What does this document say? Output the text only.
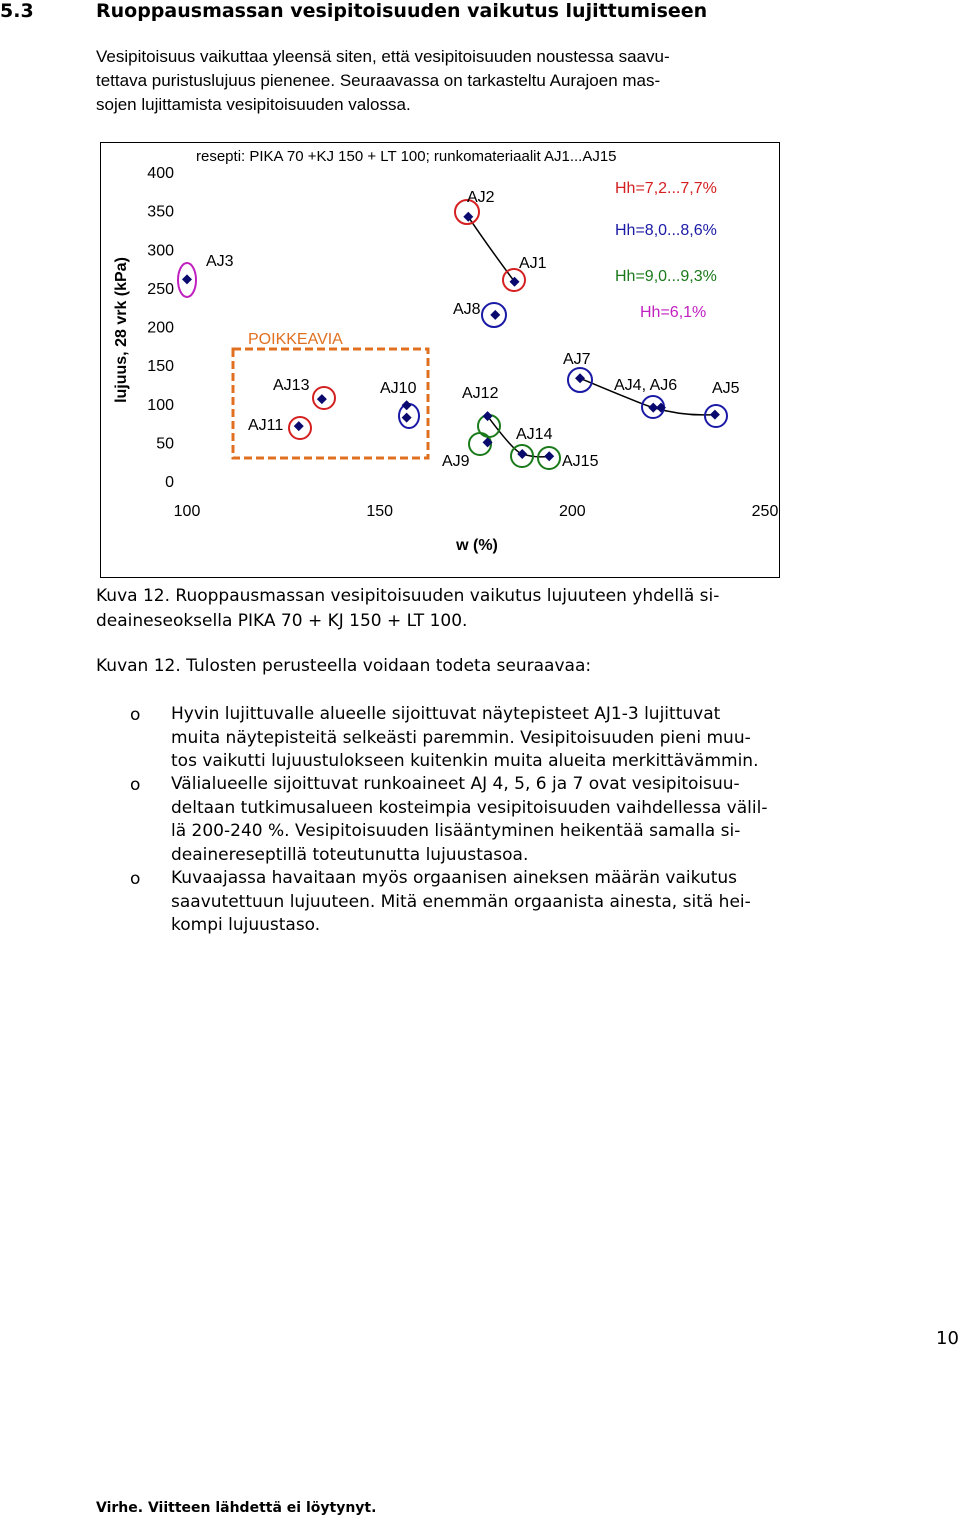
5.3	Ruoppausmassan vesipitoisuuden vaikutus lujittumiseen
Vesipitoisuus vaikuttaa yleensä siten, että vesipitoisuuden noustessa saavu-
tettava puristuslujuus pienenee. Seuraavassa on tarkasteltu Aurajoen mas-
sojen lujittamista vesipitoisuuden valossa.
resepti: PIKA 70 +KJ 150 + LT 100; runkomateriaalit AJ1...AJ15
lujuus, 28 vrk (kPa)
w (%)
POIKKEAVIA
0
50
100
150
200
250
300
350
400
100	150	200	250
AJ3
AJ2
AJ1
AJ8
AJ7
AJ4, AJ6 AJ5
AJ13	AJ10
AJ11
AJ12
AJ14
AJ9	AJ15
Hh=7,2...7,7%
Hh=8,0...8,6%
Hh=9,0...9,3%
Hh=6,1%
Kuva 12. Ruoppausmassan vesipitoisuuden vaikutus lujuuteen yhdellä si-
deaineseoksella PIKA 70 + KJ 150 + LT 100.
Kuvan 12. Tulosten perusteella voidaan todeta seuraavaa:
o Hyvin lujittuvalle alueelle sijoittuvat näytepisteet AJ1-3 lujittuvat
muita näytepisteitä selkeästi paremmin. Vesipitoisuuden pieni muu-
tos vaikutti lujuustulokseen kuitenkin muita alueita merkittävämmin.
o Välialueelle sijoittuvat runkoaineet AJ 4, 5, 6 ja 7 ovat vesipitoisuu-
deltaan tutkimusalueen kosteimpia vesipitoisuuden vaihdellessa välil-
lä 200-240 %. Vesipitoisuuden lisääntyminen heikentää samalla si-
deainereseptillä toteutunutta lujuustasoa.
o Kuvaajassa havaitaan myös orgaanisen aineksen määrän vaikutus
saavutettuun lujuuteen. Mitä enemmän orgaanista ainesta, sitä hei-
kompi lujuustaso.
10
Virhe. Viitteen lähdettä ei löytynyt.
